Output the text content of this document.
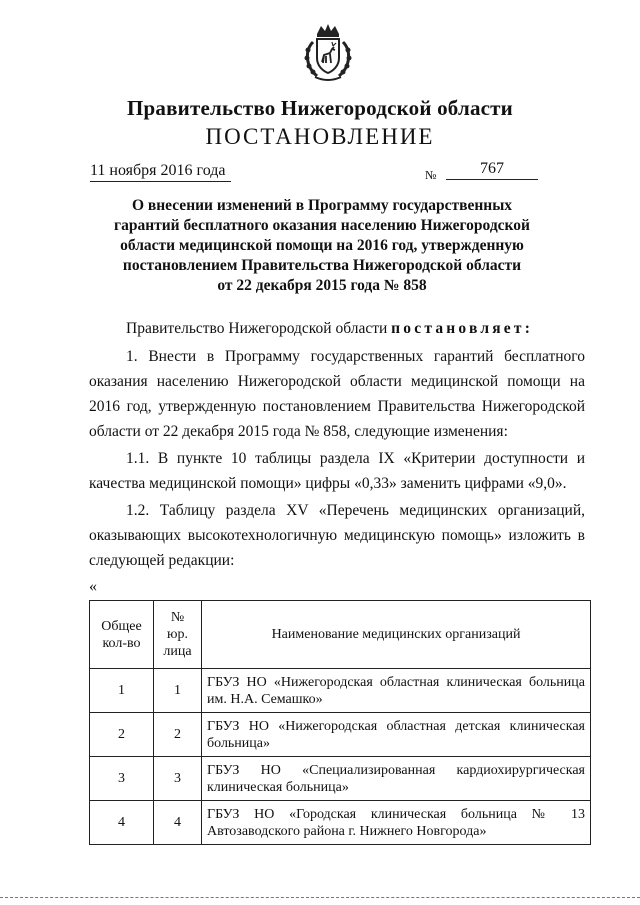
Правительство Нижегородской области
ПОСТАНОВЛЕНИЕ
11 ноября 2016 года	№	767
О внесении изменений в Программу государственных
гарантий бесплатного оказания населению Нижегородской
области медицинской помощи на 2016 год, утвержденную
постановлением Правительства Нижегородской области
от 22 декабря 2015 года № 858
Правительство Нижегородской области постановляет:
1. Внести в Программу государственных гарантий бесплатного оказания населению Нижегородской области медицинской помощи на 2016 год, утвержденную постановлением Правительства Нижегородской области от 22 декабря 2015 года № 858, следующие изменения:
1.1. В пункте 10 таблицы раздела IX «Критерии доступности и качества медицинской помощи» цифры «0,33» заменить цифрами «9,0».
1.2. Таблицу раздела XV «Перечень медицинских организаций, оказывающих высокотехнологичную медицинскую помощь» изложить в следующей редакции:
«
Общее кол-во	№ юр. лица	Наименование медицинских организаций
1	1	ГБУЗ НО «Нижегородская областная клиническая больница им. Н.А. Семашко»
2	2	ГБУЗ НО «Нижегородская областная детская клиническая больница»
3	3	ГБУЗ НО «Специализированная кардиохирургическая клиническая больница»
4	4	ГБУЗ НО «Городская клиническая больница № 13 Автозаводского района г. Нижнего Новгорода»
